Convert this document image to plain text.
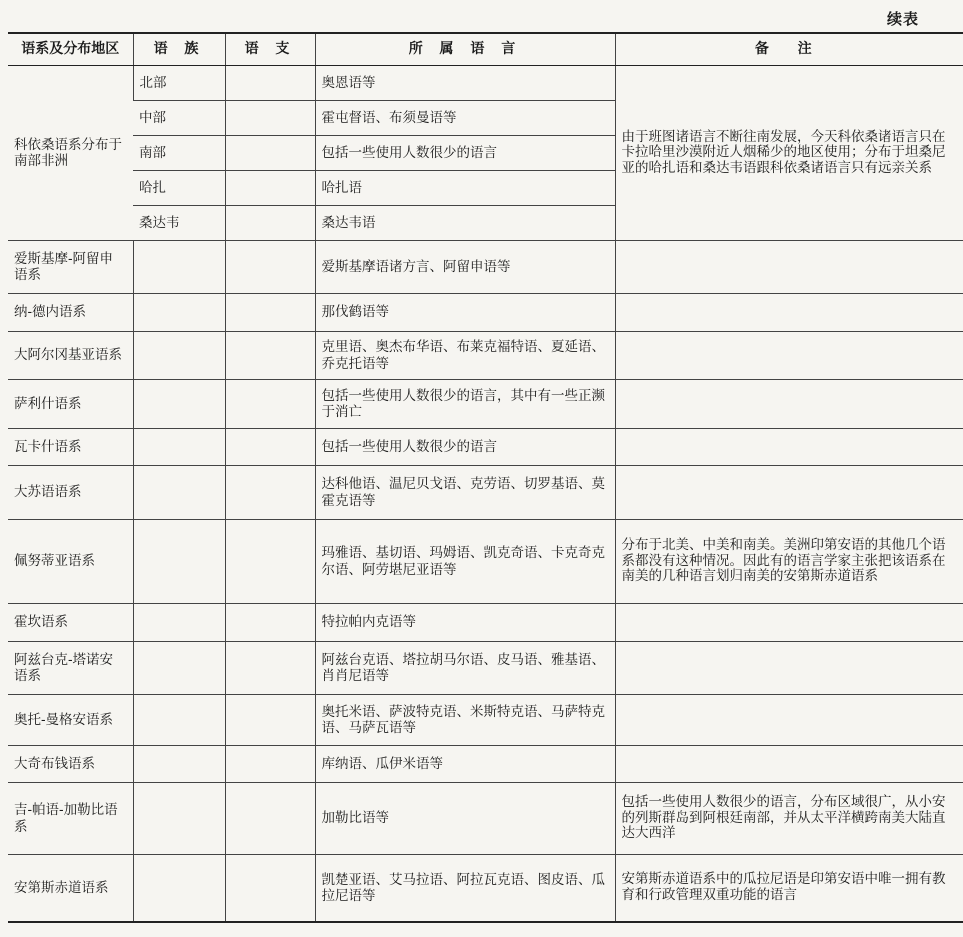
续表
语系及分布地区	语 族	语 支	所 属 语 言	备 注
科依桑语系分布于南部非洲	北部		奥恩语等	由于班图诸语言不断往南发展，今天科依桑诸语言只在卡拉哈里沙漠附近人烟稀少的地区使用；分布于坦桑尼亚的哈扎语和桑达韦语跟科依桑诸语言只有远亲关系
	中部		霍屯督语、布须曼语等	
	南部		包括一些使用人数很少的语言	
	哈扎		哈扎语	
	桑达韦		桑达韦语	
爱斯基摩-阿留申语系			爱斯基摩语诸方言、阿留申语等	
纳-德内语系			那伐鹤语等	
大阿尔冈基亚语系			克里语、奥杰布华语、布莱克福特语、夏延语、乔克托语等	
萨利什语系			包括一些使用人数很少的语言，其中有一些正濒于消亡	
瓦卡什语系			包括一些使用人数很少的语言	
大苏语语系			达科他语、温尼贝戈语、克劳语、切罗基语、莫霍克语等	
佩努蒂亚语系			玛雅语、基切语、玛姆语、凯克奇语、卡克奇克尔语、阿劳堪尼亚语等	分布于北美、中美和南美。美洲印第安语的其他几个语系都没有这种情况。因此有的语言学家主张把该语系在南美的几种语言划归南美的安第斯赤道语系
霍坎语系			特拉帕内克语等	
阿兹台克-塔诺安语系			阿兹台克语、塔拉胡马尔语、皮马语、雅基语、肖肖尼语等	
奥托-曼格安语系			奥托米语、萨波特克语、米斯特克语、马萨特克语、马萨瓦语等	
大奇布钱语系			库纳语、瓜伊米语等	
吉-帕语-加勒比语系			加勒比语等	包括一些使用人数很少的语言，分布区域很广，从小安的列斯群岛到阿根廷南部，并从太平洋横跨南美大陆直达大西洋
安第斯赤道语系			凯楚亚语、艾马拉语、阿拉瓦克语、图皮语、瓜拉尼语等	安第斯赤道语系中的瓜拉尼语是印第安语中唯一拥有教育和行政管理双重功能的语言
